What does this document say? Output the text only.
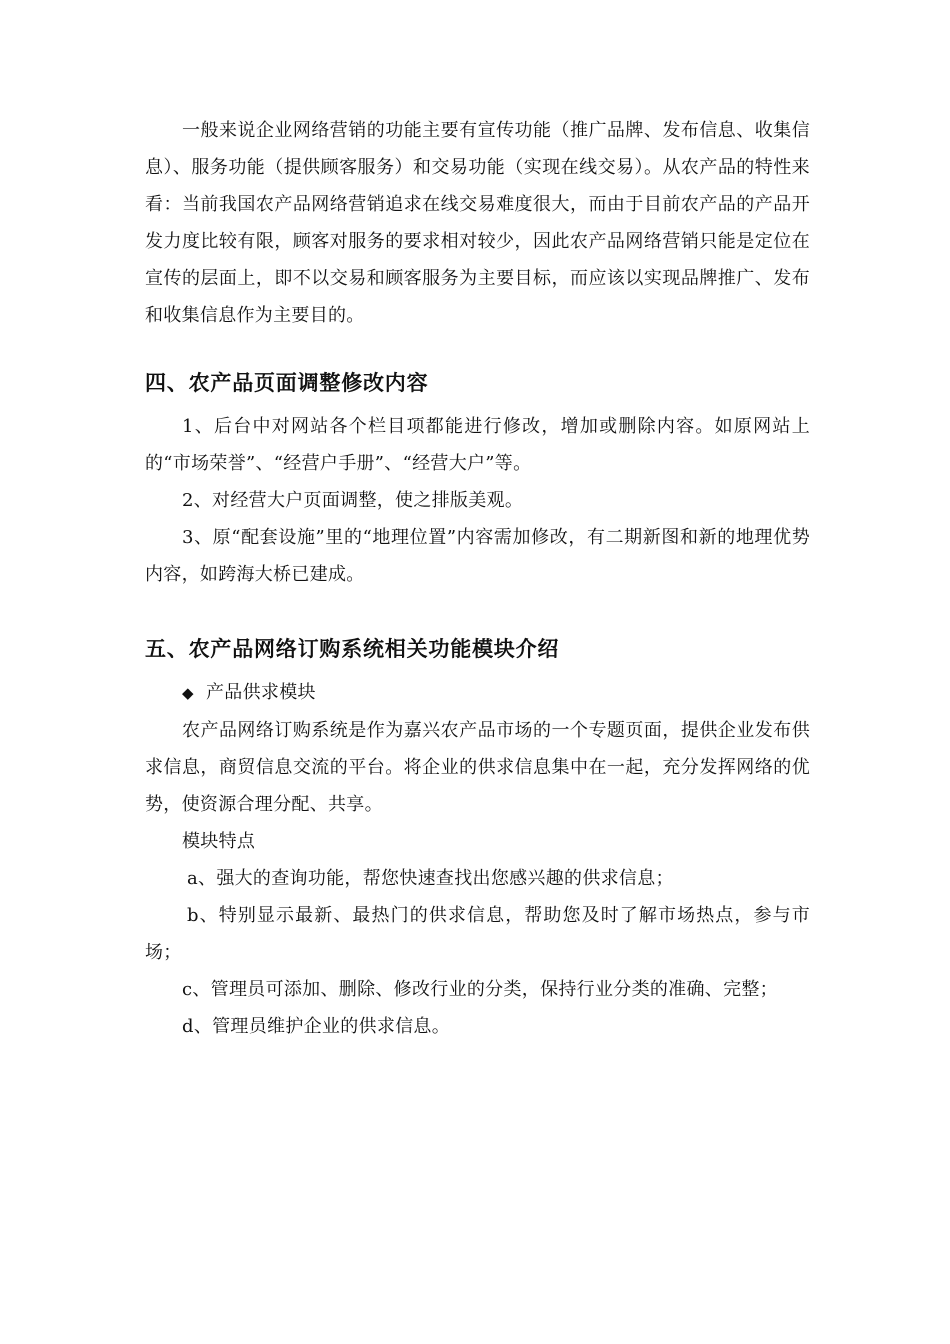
一般来说企业网络营销的功能主要有宣传功能（推广品牌、发布信息、收集信息）、服务功能（提供顾客服务）和交易功能（实现在线交易）。从农产品的特性来看：当前我国农产品网络营销追求在线交易难度很大，而由于目前农产品的产品开发力度比较有限，顾客对服务的要求相对较少，因此农产品网络营销只能是定位在宣传的层面上，即不以交易和顾客服务为主要目标，而应该以实现品牌推广、发布和收集信息作为主要目的。

四、农产品页面调整修改内容

1、后台中对网站各个栏目项都能进行修改，增加或删除内容。如原网站上的“市场荣誉”、“经营户手册”、“经营大户”等。

2、对经营大户页面调整，使之排版美观。

3、原“配套设施”里的“地理位置”内容需加修改，有二期新图和新的地理优势内容，如跨海大桥已建成。

五、农产品网络订购系统相关功能模块介绍

◆ 产品供求模块

农产品网络订购系统是作为嘉兴农产品市场的一个专题页面，提供企业发布供求信息，商贸信息交流的平台。将企业的供求信息集中在一起，充分发挥网络的优势，使资源合理分配、共享。

模块特点

a、强大的查询功能，帮您快速查找出您感兴趣的供求信息；

b、特别显示最新、最热门的供求信息，帮助您及时了解市场热点，参与市场；

c、管理员可添加、删除、修改行业的分类，保持行业分类的准确、完整；

d、管理员维护企业的供求信息。
